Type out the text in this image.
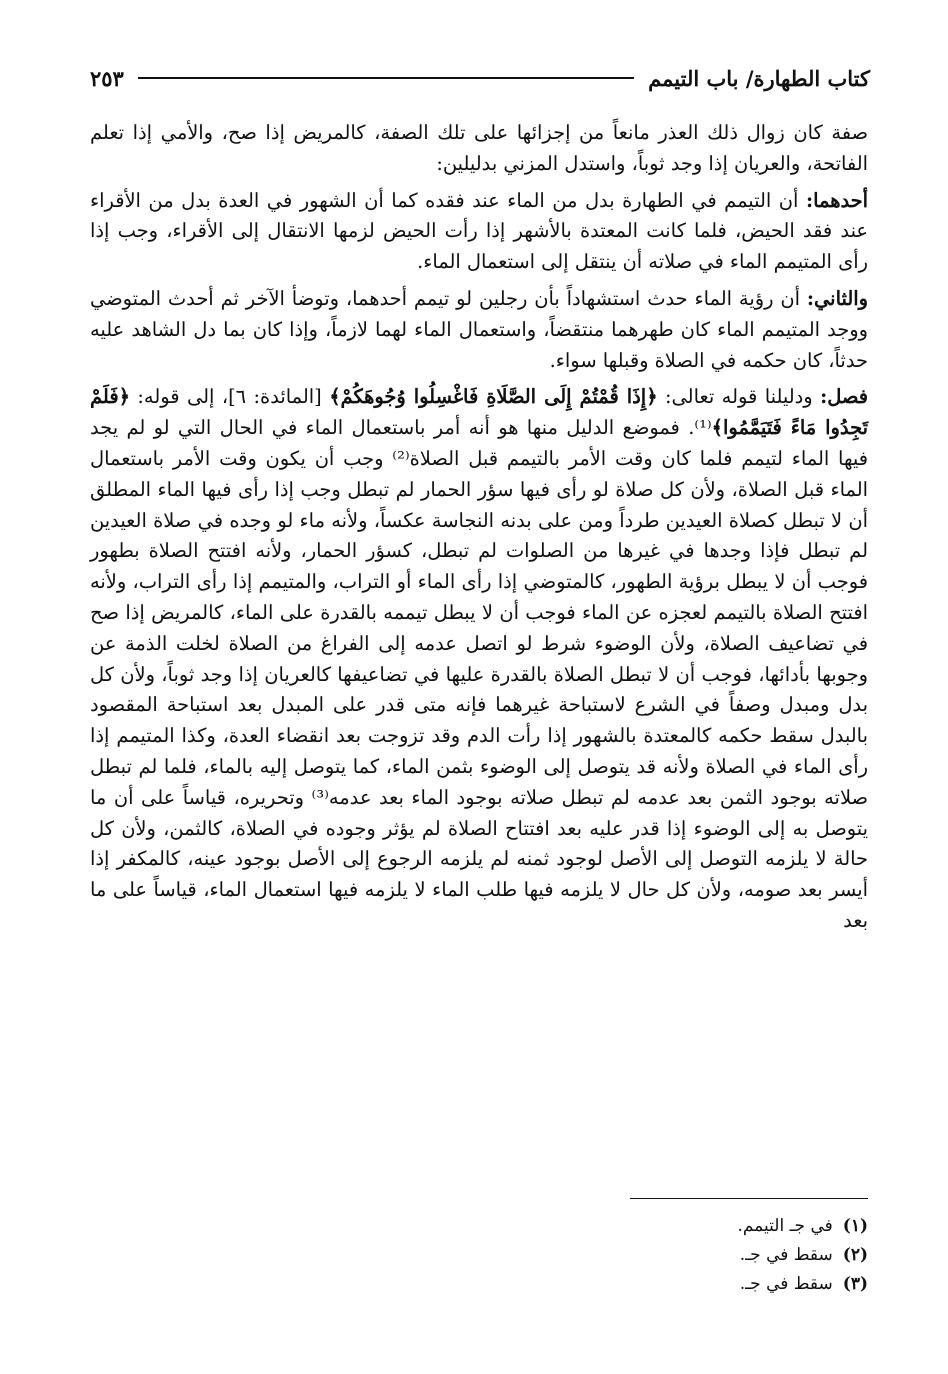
كتاب الطهارة/ باب التيمم
٢٥٣

صفة كان زوال ذلك العذر مانعاً من إجزائها على تلك الصفة، كالمريض إذا صح، والأمي إذا تعلم الفاتحة، والعريان إذا وجد ثوباً، واستدل المزني بدليلين:

أحدهما: أن التيمم في الطهارة بدل من الماء عند فقده كما أن الشهور في العدة بدل من الأقراء عند فقد الحيض، فلما كانت المعتدة بالأشهر إذا رأت الحيض لزمها الانتقال إلى الأقراء، وجب إذا رأى المتيمم الماء في صلاته أن ينتقل إلى استعمال الماء.

والثاني: أن رؤية الماء حدث استشهاداً بأن رجلين لو تيمم أحدهما، وتوضأ الآخر ثم أحدث المتوضي ووجد المتيمم الماء كان طهرهما منتقضاً، واستعمال الماء لهما لازماً، وإذا كان بما دل الشاهد عليه حدثاً، كان حكمه في الصلاة وقبلها سواء.

فصل: ودليلنا قوله تعالى: ﴿إِذَا قُمْتُمْ إِلَى الصَّلَاةِ فَاغْسِلُوا وُجُوهَكُمْ﴾ [المائدة: ٦]، إلى قوله: ﴿فَلَمْ تَجِدُوا مَاءً فَتَيَمَّمُوا﴾⁽¹⁾. فموضع الدليل منها هو أنه أمر باستعمال الماء في الحال التي لو لم يجد فيها الماء لتيمم فلما كان وقت الأمر بالتيمم قبل الصلاة⁽²⁾ وجب أن يكون وقت الأمر باستعمال الماء قبل الصلاة، ولأن كل صلاة لو رأى فيها سؤر الحمار لم تبطل وجب إذا رأى فيها الماء المطلق أن لا تبطل كصلاة العيدين طرداً ومن على بدنه النجاسة عكساً، ولأنه ماء لو وجده في صلاة العيدين لم تبطل فإذا وجدها في غيرها من الصلوات لم تبطل، كسؤر الحمار، ولأنه افتتح الصلاة بطهور فوجب أن لا يبطل برؤية الطهور، كالمتوضي إذا رأى الماء أو التراب، والمتيمم إذا رأى التراب، ولأنه افتتح الصلاة بالتيمم لعجزه عن الماء فوجب أن لا يبطل تيممه بالقدرة على الماء، كالمريض إذا صح في تضاعيف الصلاة، ولأن الوضوء شرط لو اتصل عدمه إلى الفراغ من الصلاة لخلت الذمة عن وجوبها بأدائها، فوجب أن لا تبطل الصلاة بالقدرة عليها في تضاعيفها كالعريان إذا وجد ثوباً، ولأن كل بدل ومبدل وصفاً في الشرع لاستباحة غيرهما فإنه متى قدر على المبدل بعد استباحة المقصود بالبدل سقط حكمه كالمعتدة بالشهور إذا رأت الدم وقد تزوجت بعد انقضاء العدة، وكذا المتيمم إذا رأى الماء في الصلاة ولأنه قد يتوصل إلى الوضوء بثمن الماء، كما يتوصل إليه بالماء، فلما لم تبطل صلاته بوجود الثمن بعد عدمه لم تبطل صلاته بوجود الماء بعد عدمه⁽³⁾ وتحريره، قياساً على أن ما يتوصل به إلى الوضوء إذا قدر عليه بعد افتتاح الصلاة لم يؤثر وجوده في الصلاة، كالثمن، ولأن كل حالة لا يلزمه التوصل إلى الأصل لوجود ثمنه لم يلزمه الرجوع إلى الأصل بوجود عينه، كالمكفر إذا أيسر بعد صومه، ولأن كل حال لا يلزمه فيها طلب الماء لا يلزمه فيها استعمال الماء، قياساً على ما بعد

(١)في جـ التيمم.
(٢)سقط في جـ.
(٣)سقط في جـ.
